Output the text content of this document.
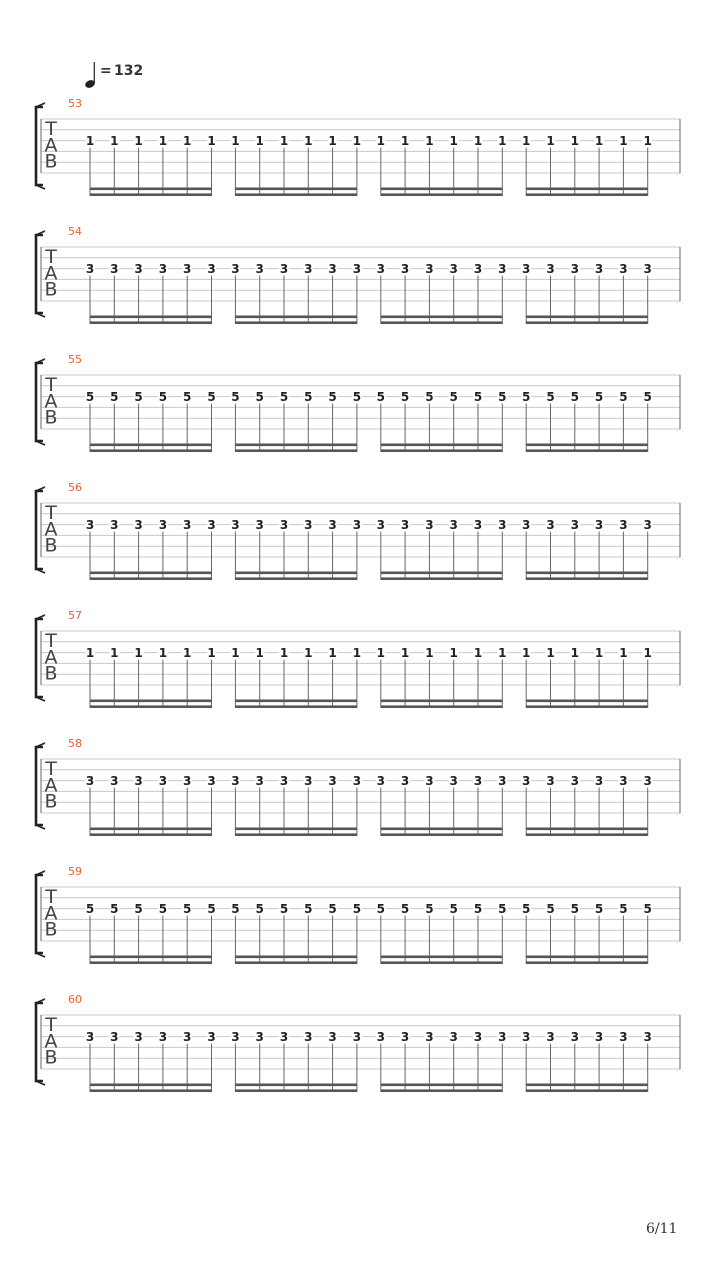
= 132
53
T
A
B
1 1 1 1 1 1 1 1 1 1 1 1 1 1 1 1 1 1 1 1 1 1 1 1
54
T
A
B
3 3 3 3 3 3 3 3 3 3 3 3 3 3 3 3 3 3 3 3 3 3 3 3
55
T
A
B
5 5 5 5 5 5 5 5 5 5 5 5 5 5 5 5 5 5 5 5 5 5 5 5
56
T
A
B
3 3 3 3 3 3 3 3 3 3 3 3 3 3 3 3 3 3 3 3 3 3 3 3
57
T
A
B
1 1 1 1 1 1 1 1 1 1 1 1 1 1 1 1 1 1 1 1 1 1 1 1
58
T
A
B
3 3 3 3 3 3 3 3 3 3 3 3 3 3 3 3 3 3 3 3 3 3 3 3
59
T
A
B
5 5 5 5 5 5 5 5 5 5 5 5 5 5 5 5 5 5 5 5 5 5 5 5
60
T
A
B
3 3 3 3 3 3 3 3 3 3 3 3 3 3 3 3 3 3 3 3 3 3 3 3
6/11
